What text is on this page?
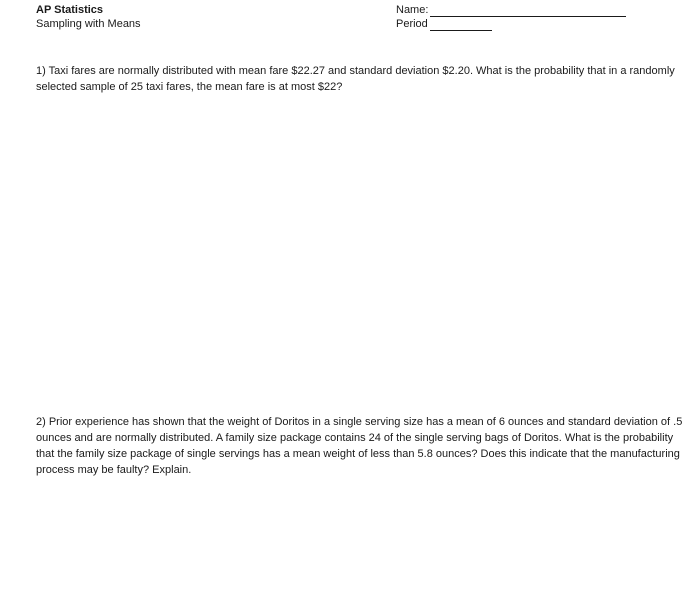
AP Statistics
Sampling with Means
Name:
Period

1) Taxi fares are normally distributed with mean fare $22.27 and standard deviation $2.20. What is the probability that in a randomly selected sample of 25 taxi fares, the mean fare is at most $22?

2) Prior experience has shown that the weight of Doritos in a single serving size has a mean of 6 ounces and standard deviation of .5 ounces and are normally distributed. A family size package contains 24 of the single serving bags of Doritos. What is the probability that the family size package of single servings has a mean weight of less than 5.8 ounces? Does this indicate that the manufacturing process may be faulty? Explain.
